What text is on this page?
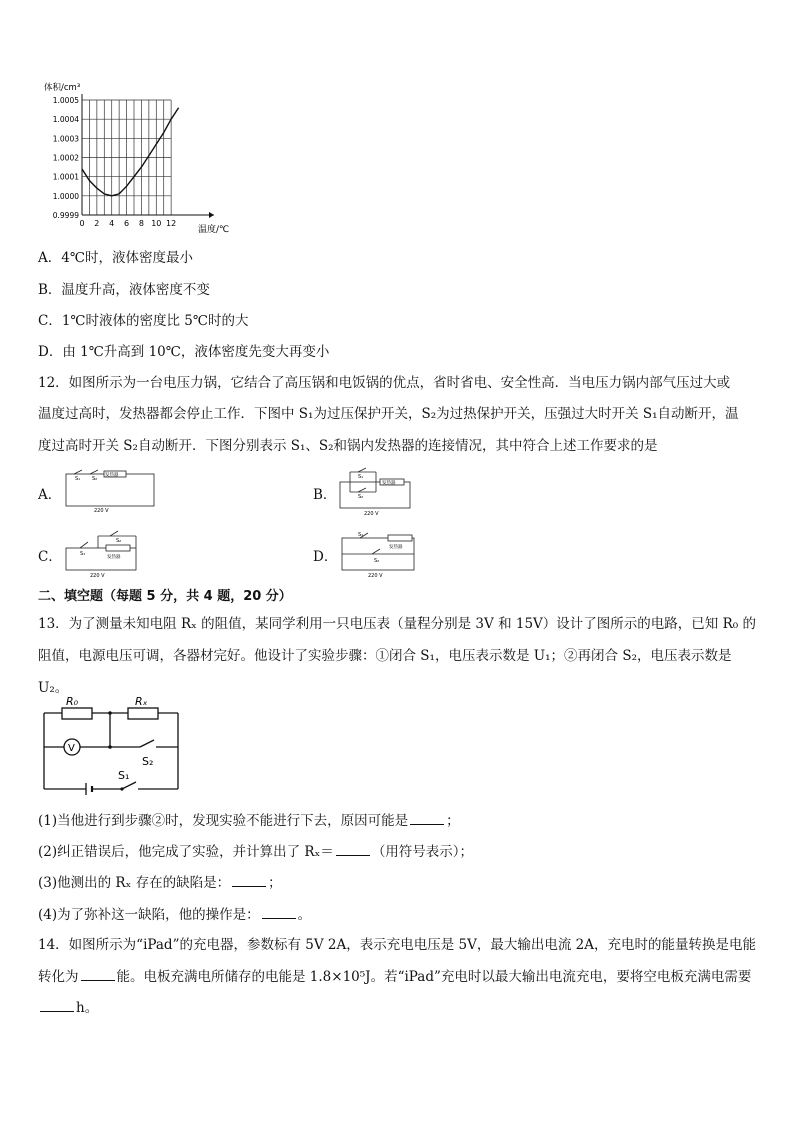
0.9999
1.0000
1.0001
1.0002
1.0003
1.0004
1.0005
0 2 4 6 8 10 12
体积/cm³
温度/℃
A．4℃时，液体密度最小
B．温度升高，液体密度不变
C．1℃时液体的密度比 5℃时的大
D．由 1℃升高到 10℃，液体密度先变大再变小
12．如图所示为一台电压力锅，它结合了高压锅和电饭锅的优点，省时省电、安全性高．当电压力锅内部气压过大或
温度过高时，发热器都会停止工作．下图中 S₁为过压保护开关，S₂为过热保护开关，压强过大时开关 S₁自动断开，温
度过高时开关 S₂自动断开．下图分别表示 S₁、S₂和锅内发热器的连接情况，其中符合上述工作要求的是
A．
S₁ S₂
发热器
220 V
B．
S₁
S₂
发热器
220 V
C．	S₁
S₂
发热器
220 V
D．
S₁
S₂
发热器
220 V
二、填空题（每题 5 分，共 4 题，20 分）
13．为了测量未知电阻 Rₓ 的阻值，某同学利用一只电压表（量程分别是 3V 和 15V）设计了图所示的电路，已知 R₀ 的
阻值，电源电压可调，各器材完好。他设计了实验步骤：①闭合 S₁，电压表示数是 U₁；②再闭合 S₂，电压表示数是
U₂。
R₀	Rₓ
V
S₂
S₁
(1)当他进行到步骤②时，发现实验不能进行下去，原因可能是	；
(2)纠正错误后，他完成了实验，并计算出了 Rₓ＝	（用符号表示）；
(3)他测出的 Rₓ 存在的缺陷是：	；
(4)为了弥补这一缺陷，他的操作是：	。
14．如图所示为“iPad”的充电器，参数标有 5V 2A，表示充电电压是 5V，最大输出电流 2A，充电时的能量转换是电能
转化为	能。电板充满电所储存的电能是 1.8×10⁵J。若“iPad”充电时以最大输出电流充电，要将空电板充满电需要
h。
